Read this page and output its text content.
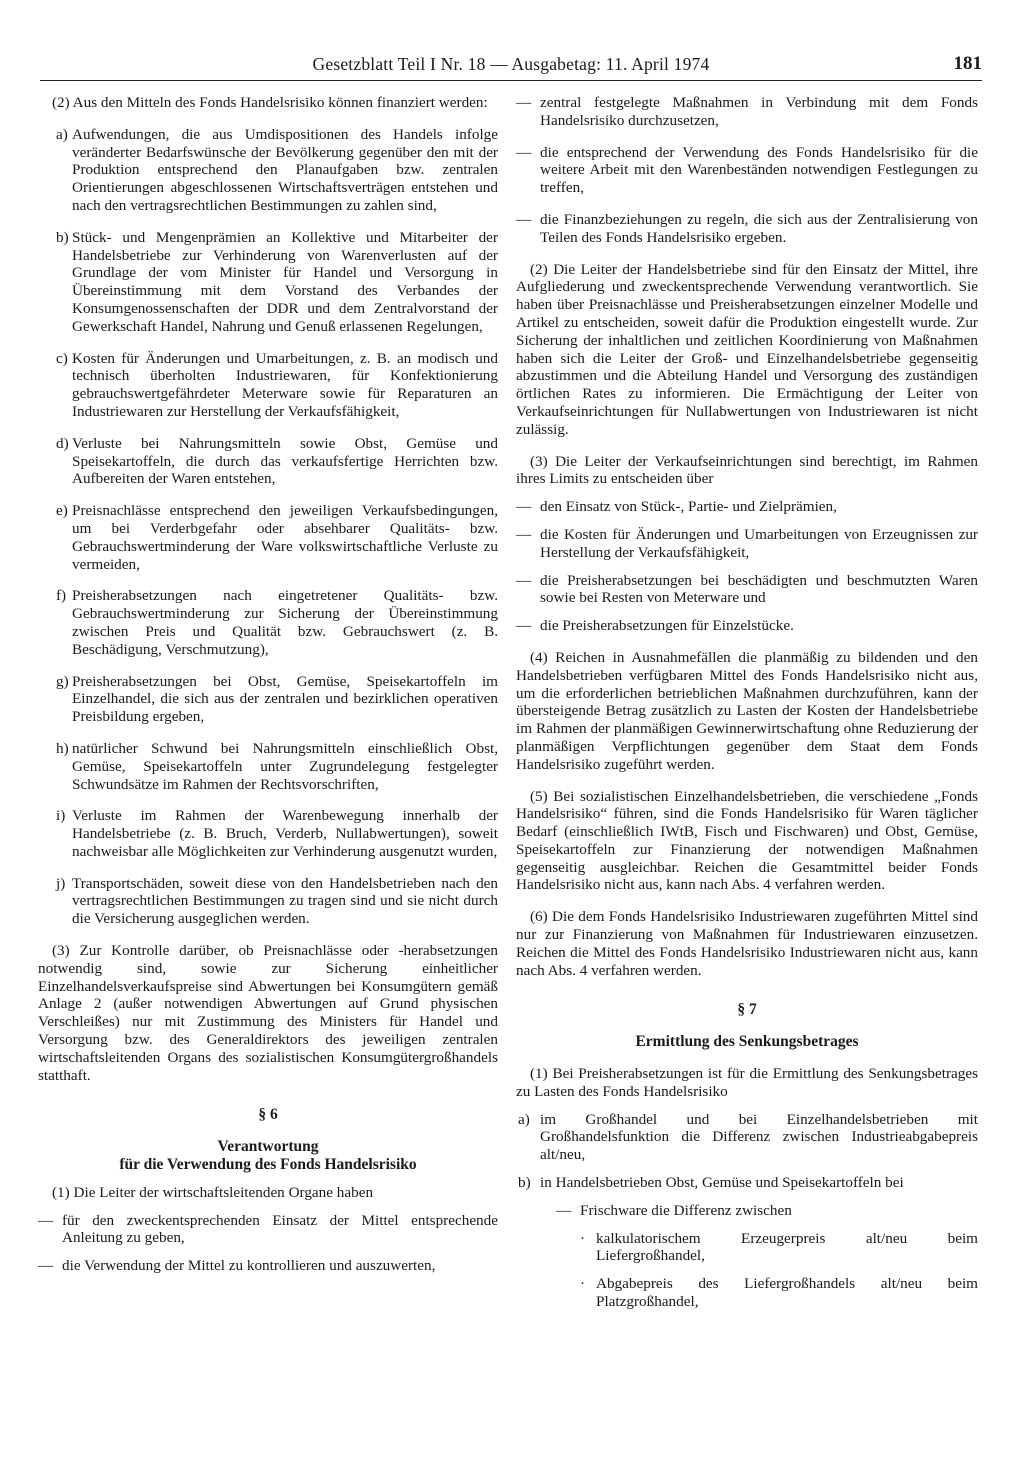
Gesetzblatt Teil I Nr. 18 — Ausgabetag: 11. April 1974	181

(2) Aus den Mitteln des Fonds Handelsrisiko können finanziert werden:

a) Aufwendungen, die aus Umdispositionen des Handels infolge veränderter Bedarfswünsche der Bevölkerung gegenüber den mit der Produktion entsprechend den Planaufgaben bzw. zentralen Orientierungen abgeschlossenen Wirtschaftsverträgen entstehen und nach den vertragsrechtlichen Bestimmungen zu zahlen sind,

b) Stück- und Mengenprämien an Kollektive und Mitarbeiter der Handelsbetriebe zur Verhinderung von Warenverlusten auf der Grundlage der vom Minister für Handel und Versorgung in Übereinstimmung mit dem Vorstand des Verbandes der Konsumgenossenschaften der DDR und dem Zentralvorstand der Gewerkschaft Handel, Nahrung und Genuß erlassenen Regelungen,

c) Kosten für Änderungen und Umarbeitungen, z. B. an modisch und technisch überholten Industriewaren, für Konfektionierung gebrauchswertgefährdeter Meterware sowie für Reparaturen an Industriewaren zur Herstellung der Verkaufsfähigkeit,

d) Verluste bei Nahrungsmitteln sowie Obst, Gemüse und Speisekartoffeln, die durch das verkaufsfertige Herrichten bzw. Aufbereiten der Waren entstehen,

e) Preisnachlässe entsprechend den jeweiligen Verkaufsbedingungen, um bei Verderbgefahr oder absehbarer Qualitäts- bzw. Gebrauchswertminderung der Ware volkswirtschaftliche Verluste zu vermeiden,

f) Preisherabsetzungen nach eingetretener Qualitäts- bzw. Gebrauchswertminderung zur Sicherung der Übereinstimmung zwischen Preis und Qualität bzw. Gebrauchswert (z. B. Beschädigung, Verschmutzung),

g) Preisherabsetzungen bei Obst, Gemüse, Speisekartoffeln im Einzelhandel, die sich aus der zentralen und bezirklichen operativen Preisbildung ergeben,

h) natürlicher Schwund bei Nahrungsmitteln einschließlich Obst, Gemüse, Speisekartoffeln unter Zugrundelegung festgelegter Schwundsätze im Rahmen der Rechtsvorschriften,

i) Verluste im Rahmen der Warenbewegung innerhalb der Handelsbetriebe (z. B. Bruch, Verderb, Nullabwertungen), soweit nachweisbar alle Möglichkeiten zur Verhinderung ausgenutzt wurden,

j) Transportschäden, soweit diese von den Handelsbetrieben nach den vertragsrechtlichen Bestimmungen zu tragen sind und sie nicht durch die Versicherung ausgeglichen werden.

(3) Zur Kontrolle darüber, ob Preisnachlässe oder -herabsetzungen notwendig sind, sowie zur Sicherung einheitlicher Einzelhandelsverkaufspreise sind Abwertungen bei Konsumgütern gemäß Anlage 2 (außer notwendigen Abwertungen auf Grund physischen Verschleißes) nur mit Zustimmung des Ministers für Handel und Versorgung bzw. des Generaldirektors des jeweiligen zentralen wirtschaftsleitenden Organs des sozialistischen Konsumgütergroßhandels statthaft.

§ 6

Verantwortung

für die Verwendung des Fonds Handelsrisiko

(1) Die Leiter der wirtschaftsleitenden Organe haben

— für den zweckentsprechenden Einsatz der Mittel entsprechende Anleitung zu geben,

— die Verwendung der Mittel zu kontrollieren und auszuwerten,

— zentral festgelegte Maßnahmen in Verbindung mit dem Fonds Handelsrisiko durchzusetzen,

— die entsprechend der Verwendung des Fonds Handelsrisiko für die weitere Arbeit mit den Warenbeständen notwendigen Festlegungen zu treffen,

— die Finanzbeziehungen zu regeln, die sich aus der Zentralisierung von Teilen des Fonds Handelsrisiko ergeben.

(2) Die Leiter der Handelsbetriebe sind für den Einsatz der Mittel, ihre Aufgliederung und zweckentsprechende Verwendung verantwortlich. Sie haben über Preisnachlässe und Preisherabsetzungen einzelner Modelle und Artikel zu entscheiden, soweit dafür die Produktion eingestellt wurde. Zur Sicherung der inhaltlichen und zeitlichen Koordinierung von Maßnahmen haben sich die Leiter der Groß- und Einzelhandelsbetriebe gegenseitig abzustimmen und die Abteilung Handel und Versorgung des zuständigen örtlichen Rates zu informieren. Die Ermächtigung der Leiter von Verkaufseinrichtungen für Nullabwertungen von Industriewaren ist nicht zulässig.

(3) Die Leiter der Verkaufseinrichtungen sind berechtigt, im Rahmen ihres Limits zu entscheiden über

— den Einsatz von Stück-, Partie- und Zielprämien,

— die Kosten für Änderungen und Umarbeitungen von Erzeugnissen zur Herstellung der Verkaufsfähigkeit,

— die Preisherabsetzungen bei beschädigten und beschmutzten Waren sowie bei Resten von Meterware und

— die Preisherabsetzungen für Einzelstücke.

(4) Reichen in Ausnahmefällen die planmäßig zu bildenden und den Handelsbetrieben verfügbaren Mittel des Fonds Handelsrisiko nicht aus, um die erforderlichen betrieblichen Maßnahmen durchzuführen, kann der übersteigende Betrag zusätzlich zu Lasten der Kosten der Handelsbetriebe im Rahmen der planmäßigen Gewinnerwirtschaftung ohne Reduzierung der planmäßigen Verpflichtungen gegenüber dem Staat dem Fonds Handelsrisiko zugeführt werden.

(5) Bei sozialistischen Einzelhandelsbetrieben, die verschiedene „Fonds Handelsrisiko“ führen, sind die Fonds Handelsrisiko für Waren täglicher Bedarf (einschließlich IWtB, Fisch und Fischwaren) und Obst, Gemüse, Speisekartoffeln zur Finanzierung der notwendigen Maßnahmen gegenseitig ausgleichbar. Reichen die Gesamtmittel beider Fonds Handelsrisiko nicht aus, kann nach Abs. 4 verfahren werden.

(6) Die dem Fonds Handelsrisiko Industriewaren zugeführten Mittel sind nur zur Finanzierung von Maßnahmen für Industriewaren einzusetzen. Reichen die Mittel des Fonds Handelsrisiko Industriewaren nicht aus, kann nach Abs. 4 verfahren werden.

§ 7

Ermittlung des Senkungsbetrages

(1) Bei Preisherabsetzungen ist für die Ermittlung des Senkungsbetrages zu Lasten des Fonds Handelsrisiko

a) im Großhandel und bei Einzelhandelsbetrieben mit Großhandelsfunktion die Differenz zwischen Industrieabgabepreis alt/neu,

b) in Handelsbetrieben Obst, Gemüse und Speisekartoffeln bei

— Frischware die Differenz zwischen

· kalkulatorischem Erzeugerpreis alt/neu beim Liefergroßhandel,

· Abgabepreis des Liefergroßhandels alt/neu beim Platzgroßhandel,
